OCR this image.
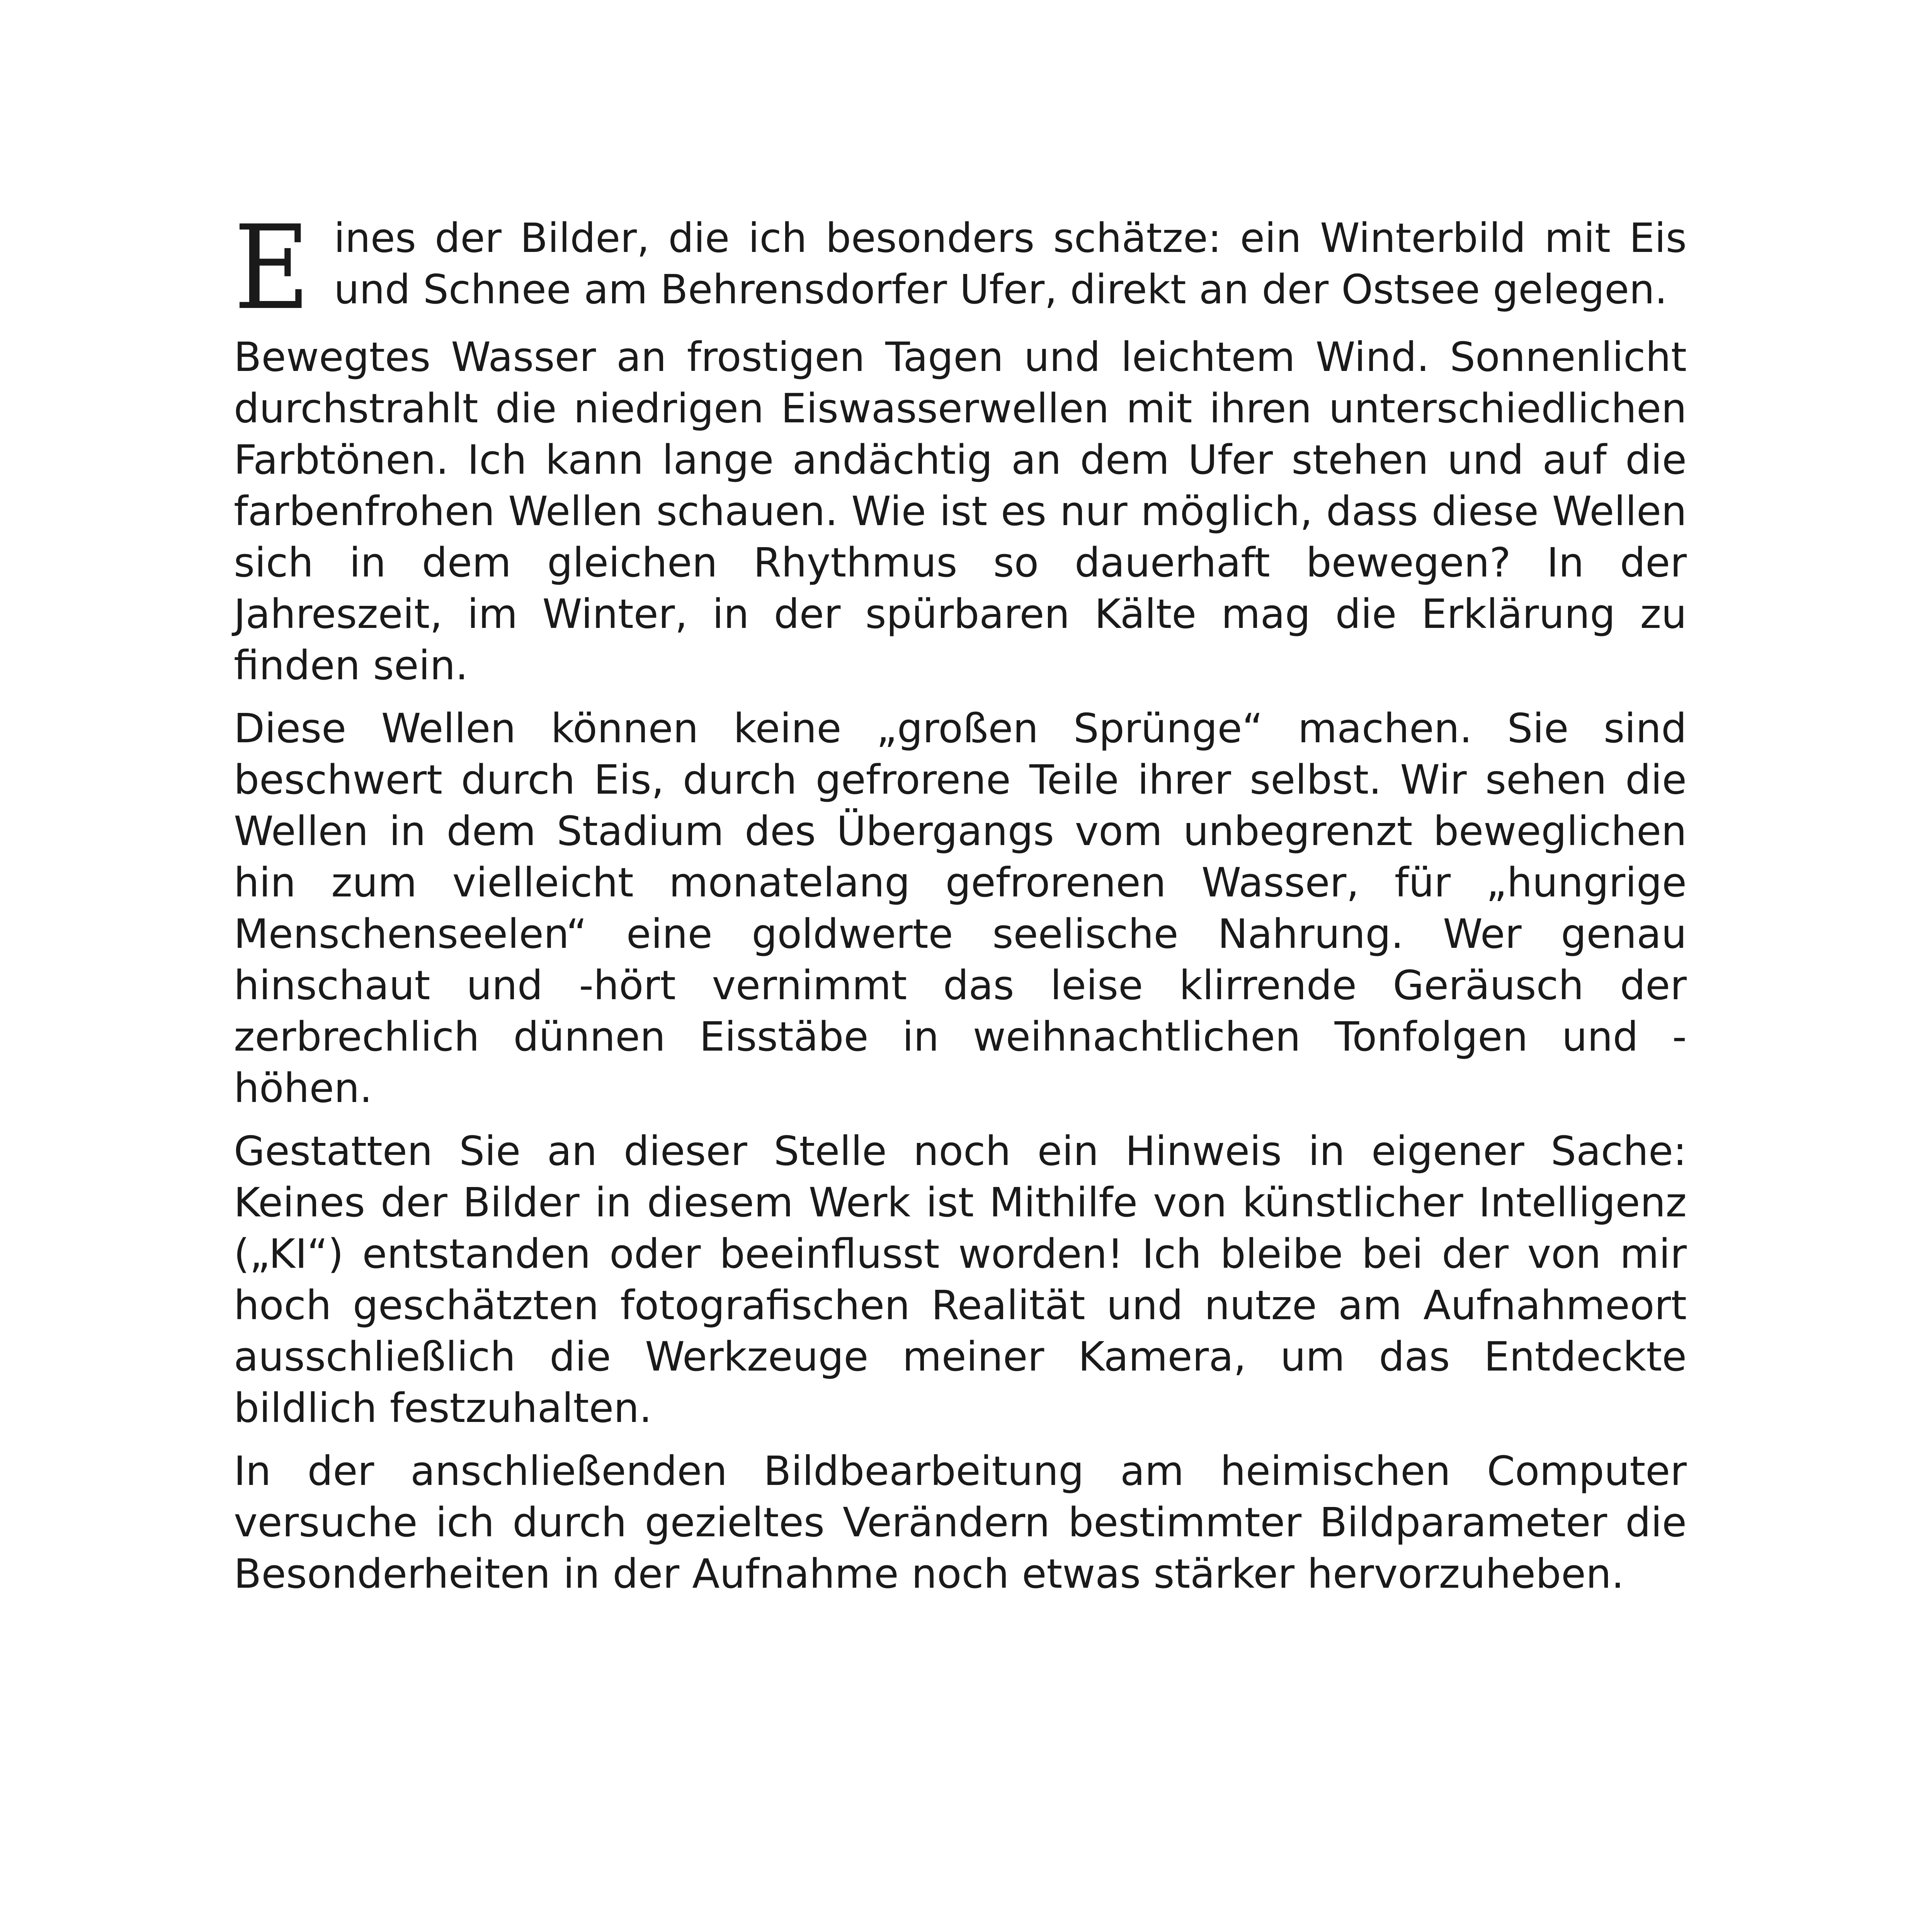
E ines der Bilder, die ich besonders schätze: ein Winterbild mit Eis und Schnee am Behrensdorfer Ufer, direkt an der Ostsee gelegen.

Bewegtes Wasser an frostigen Tagen und leichtem Wind. Sonnenlicht durchstrahlt die niedrigen Eiswasserwellen mit ihren unterschiedlichen Farbtönen. Ich kann lange andächtig an dem Ufer stehen und auf die farbenfrohen Wellen schauen. Wie ist es nur möglich, dass diese Wellen sich in dem gleichen Rhythmus so dauerhaft bewegen? In der Jahreszeit, im Winter, in der spürbaren Kälte mag die Erklärung zu finden sein.

Diese Wellen können keine „großen Sprünge“ machen. Sie sind beschwert durch Eis, durch gefrorene Teile ihrer selbst. Wir sehen die Wellen in dem Stadium des Übergangs vom unbegrenzt beweglichen hin zum vielleicht monatelang gefrorenen Wasser, für „hungrige Menschenseelen“ eine goldwerte seelische Nahrung. Wer genau hinschaut und -hört vernimmt das leise klirrende Geräusch der zerbrechlich dünnen Eisstäbe in weihnachtlichen Tonfolgen und - höhen.

Gestatten Sie an dieser Stelle noch ein Hinweis in eigener Sache: Keines der Bilder in diesem Werk ist Mithilfe von künstlicher Intelligenz („KI“) entstanden oder beeinflusst worden! Ich bleibe bei der von mir hoch geschätzten fotografischen Realität und nutze am Aufnahmeort ausschließlich die Werkzeuge meiner Kamera, um das Entdeckte bildlich festzuhalten.

In der anschließenden Bildbearbeitung am heimischen Computer versuche ich durch gezieltes Verändern bestimmter Bildparameter die Besonderheiten in der Aufnahme noch etwas stärker hervorzuheben.
